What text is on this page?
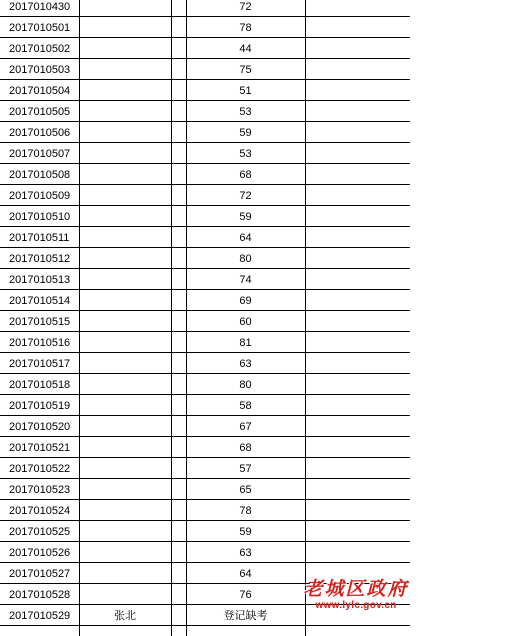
2017010430	72
2017010501	78
2017010502	44
2017010503	75
2017010504	51
2017010505	53
2017010506	59
2017010507	53
2017010508	68
2017010509	72
2017010510	59
2017010511	64
2017010512	80
2017010513	74
2017010514	69
2017010515	60
2017010516	81
2017010517	63
2017010518	80
2017010519	58
2017010520	67
2017010521	68
2017010522	57
2017010523	65
2017010524	78
2017010525	59
2017010526	63
2017010527	64
2017010528	76
2017010529	张北	登记缺考
老城区政府
www.lylc.gov.cn
